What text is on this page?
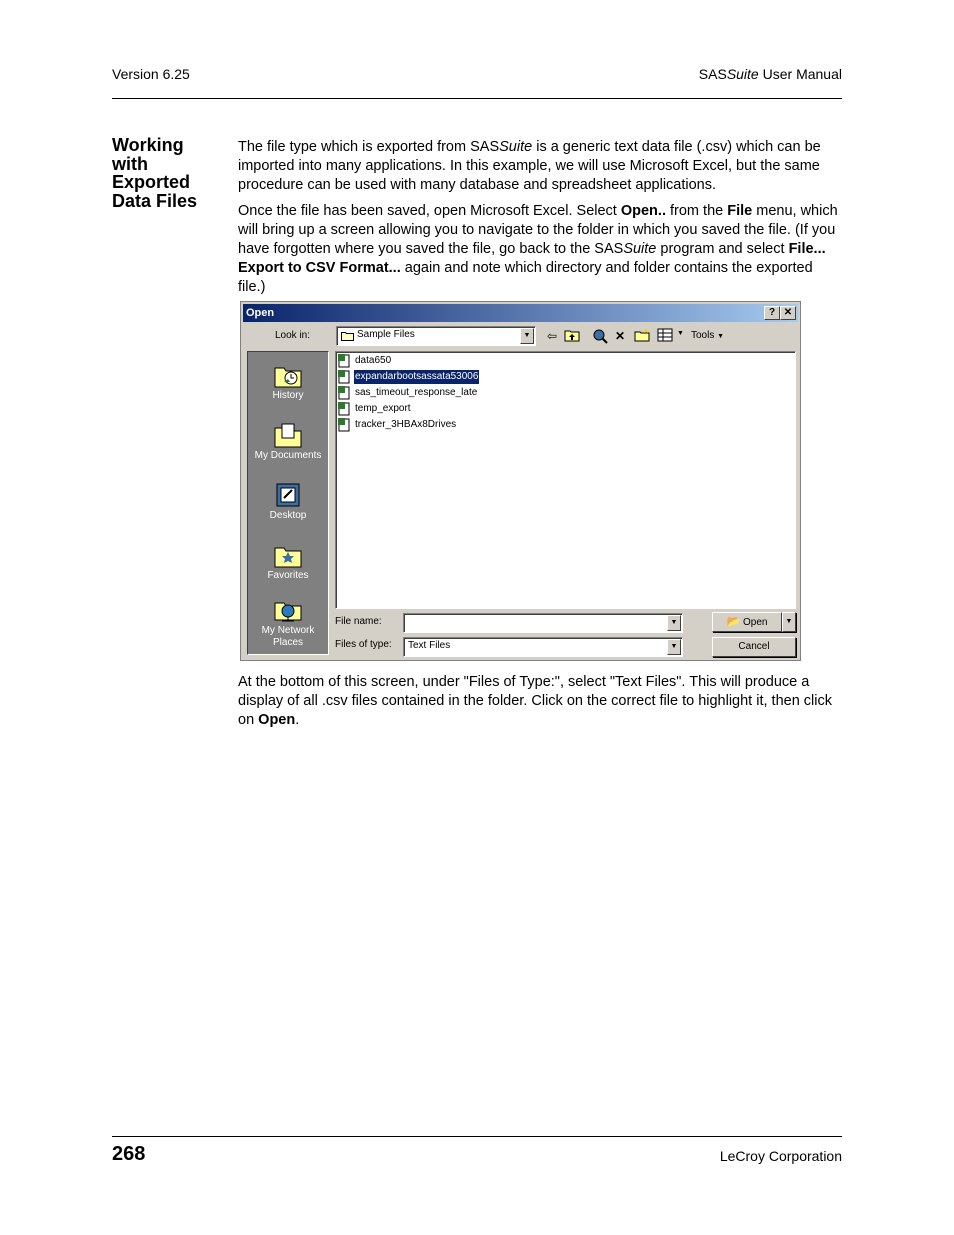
Version 6.25	SASSuite User Manual
Working
with
Exported
Data Files
The file type which is exported from SASSuite is a generic text data file (.csv) which can be imported into many applications. In this example, we will use Microsoft Excel, but the same procedure can be used with many database and spreadsheet applications.
Once the file has been saved, open Microsoft Excel. Select Open.. from the File menu, which will bring up a screen allowing you to navigate to the folder in which you saved the file. (If you have forgotten where you saved the file, go back to the SASSuite program and select File... Export to CSV Format... again and note which directory and folder contains the exported file.)
Open	? ✕
Look in:	Sample Files	▼ ⇦	✕	▼ Tools ▼
History
My Documents
Desktop
Favorites
My Network Places
data650
expandarbootsassata53006
sas_timeout_response_late
temp_export
tracker_3HBAx8Drives
File name:	▼
Files of type:	Text Files	▼
📂 Open	▼
Cancel
At the bottom of this screen, under "Files of Type:", select "Text Files". This will produce a display of all .csv files contained in the folder. Click on the correct file to highlight it, then click on Open.
268	LeCroy Corporation
